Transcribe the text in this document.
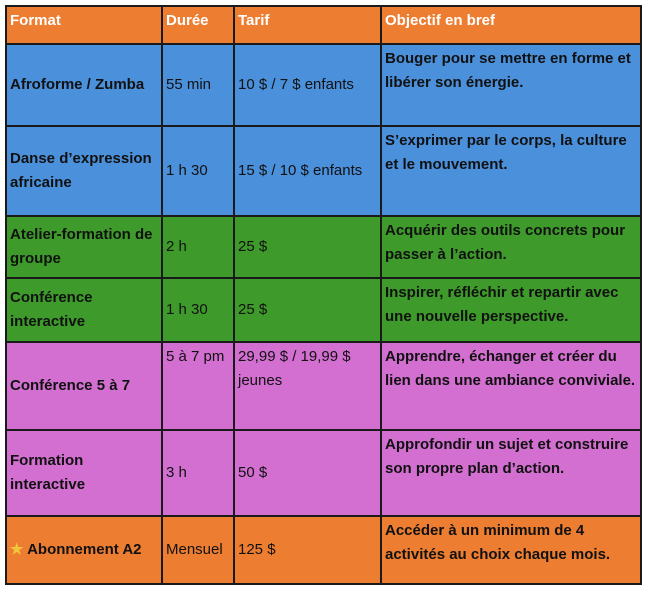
Format	Durée	Tarif	Objectif en bref
Afroforme / Zumba	55 min	10 $ / 7 $ enfants	Bouger pour se mettre en forme et libérer son énergie.
Danse d’expression africaine	1 h 30	15 $ / 10 $ enfants	S’exprimer par le corps, la culture et le mouvement.
Atelier-formation de groupe	2 h	25 $	Acquérir des outils concrets pour passer à l’action.
Conférence interactive	1 h 30	25 $	Inspirer, réfléchir et repartir avec une nouvelle perspective.
Conférence 5 à 7	5 à 7 pm	29,99 $ / 19,99 $ jeunes	Apprendre, échanger et créer du lien dans une ambiance conviviale.
Formation interactive	3 h	50 $	Approfondir un sujet et construire son propre plan d’action.
★ Abonnement A2	Mensuel	125 $	Accéder à un minimum de 4 activités au choix chaque mois.
